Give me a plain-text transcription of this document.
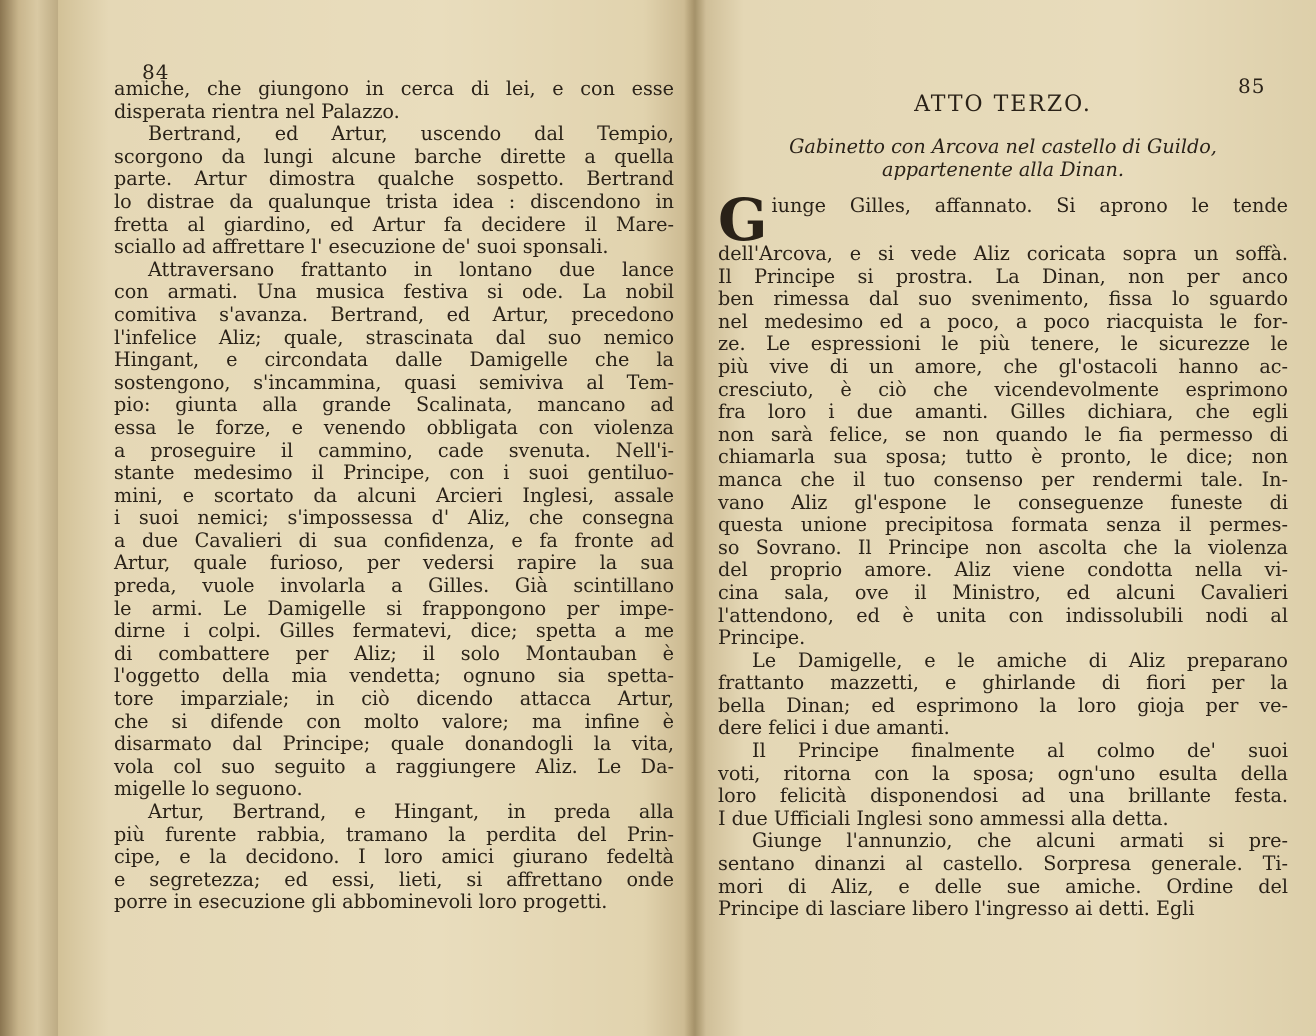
84
amiche, che giungono in cerca di lei, e con esse
disperata rientra nel Palazzo.
Bertrand, ed Artur, uscendo dal Tempio,
scorgono da lungi alcune barche dirette a quella
parte. Artur dimostra qualche sospetto. Bertrand
lo distrae da qualunque trista idea : discendono in
fretta al giardino, ed Artur fa decidere il Mare-
sciallo ad affrettare l' esecuzione de' suoi sponsali.
Attraversano frattanto in lontano due lance
con armati. Una musica festiva si ode. La nobil
comitiva s'avanza. Bertrand, ed Artur, precedono
l'infelice Aliz; quale, strascinata dal suo nemico
Hingant, e circondata dalle Damigelle che la
sostengono, s'incammina, quasi semiviva al Tem-
pio: giunta alla grande Scalinata, mancano ad
essa le forze, e venendo obbligata con violenza
a proseguire il cammino, cade svenuta. Nell'i-
stante medesimo il Principe, con i suoi gentiluo-
mini, e scortato da alcuni Arcieri Inglesi, assale
i suoi nemici; s'impossessa d' Aliz, che consegna
a due Cavalieri di sua confidenza, e fa fronte ad
Artur, quale furioso, per vedersi rapire la sua
preda, vuole involarla a Gilles. Già scintillano
le armi. Le Damigelle si frappongono per impe-
dirne i colpi. Gilles fermatevi, dice; spetta a me
di combattere per Aliz; il solo Montauban è
l'oggetto della mia vendetta; ognuno sia spetta-
tore imparziale; in ciò dicendo attacca Artur,
che si difende con molto valore; ma infine è
disarmato dal Principe; quale donandogli la vita,
vola col suo seguito a raggiungere Aliz. Le Da-
migelle lo seguono.
Artur, Bertrand, e Hingant, in preda alla
più furente rabbia, tramano la perdita del Prin-
cipe, e la decidono. I loro amici giurano fedeltà
e segretezza; ed essi, lieti, si affrettano onde
porre in esecuzione gli abbominevoli loro progetti.
85
ATTO TERZO.
Gabinetto con Arcova nel castello di Guildo,
appartenente alla Dinan.
G iunge Gilles, affannato. Si aprono le tende
dell'Arcova, e si vede Aliz coricata sopra un soffà.
Il Principe si prostra. La Dinan, non per anco
ben rimessa dal suo svenimento, fissa lo sguardo
nel medesimo ed a poco, a poco riacquista le for-
ze. Le espressioni le più tenere, le sicurezze le
più vive di un amore, che gl'ostacoli hanno ac-
cresciuto, è ciò che vicendevolmente esprimono
fra loro i due amanti. Gilles dichiara, che egli
non sarà felice, se non quando le fia permesso di
chiamarla sua sposa; tutto è pronto, le dice; non
manca che il tuo consenso per rendermi tale. In-
vano Aliz gl'espone le conseguenze funeste di
questa unione precipitosa formata senza il permes-
so Sovrano. Il Principe non ascolta che la violenza
del proprio amore. Aliz viene condotta nella vi-
cina sala, ove il Ministro, ed alcuni Cavalieri
l'attendono, ed è unita con indissolubili nodi al
Principe.
Le Damigelle, e le amiche di Aliz preparano
frattanto mazzetti, e ghirlande di fiori per la
bella Dinan; ed esprimono la loro gioja per ve-
dere felici i due amanti.
Il Principe finalmente al colmo de' suoi
voti, ritorna con la sposa; ogn'uno esulta della
loro felicità disponendosi ad una brillante festa.
I due Ufficiali Inglesi sono ammessi alla detta.
Giunge l'annunzio, che alcuni armati si pre-
sentano dinanzi al castello. Sorpresa generale. Ti-
mori di Aliz, e delle sue amiche. Ordine del
Principe di lasciare libero l'ingresso ai detti. Egli
